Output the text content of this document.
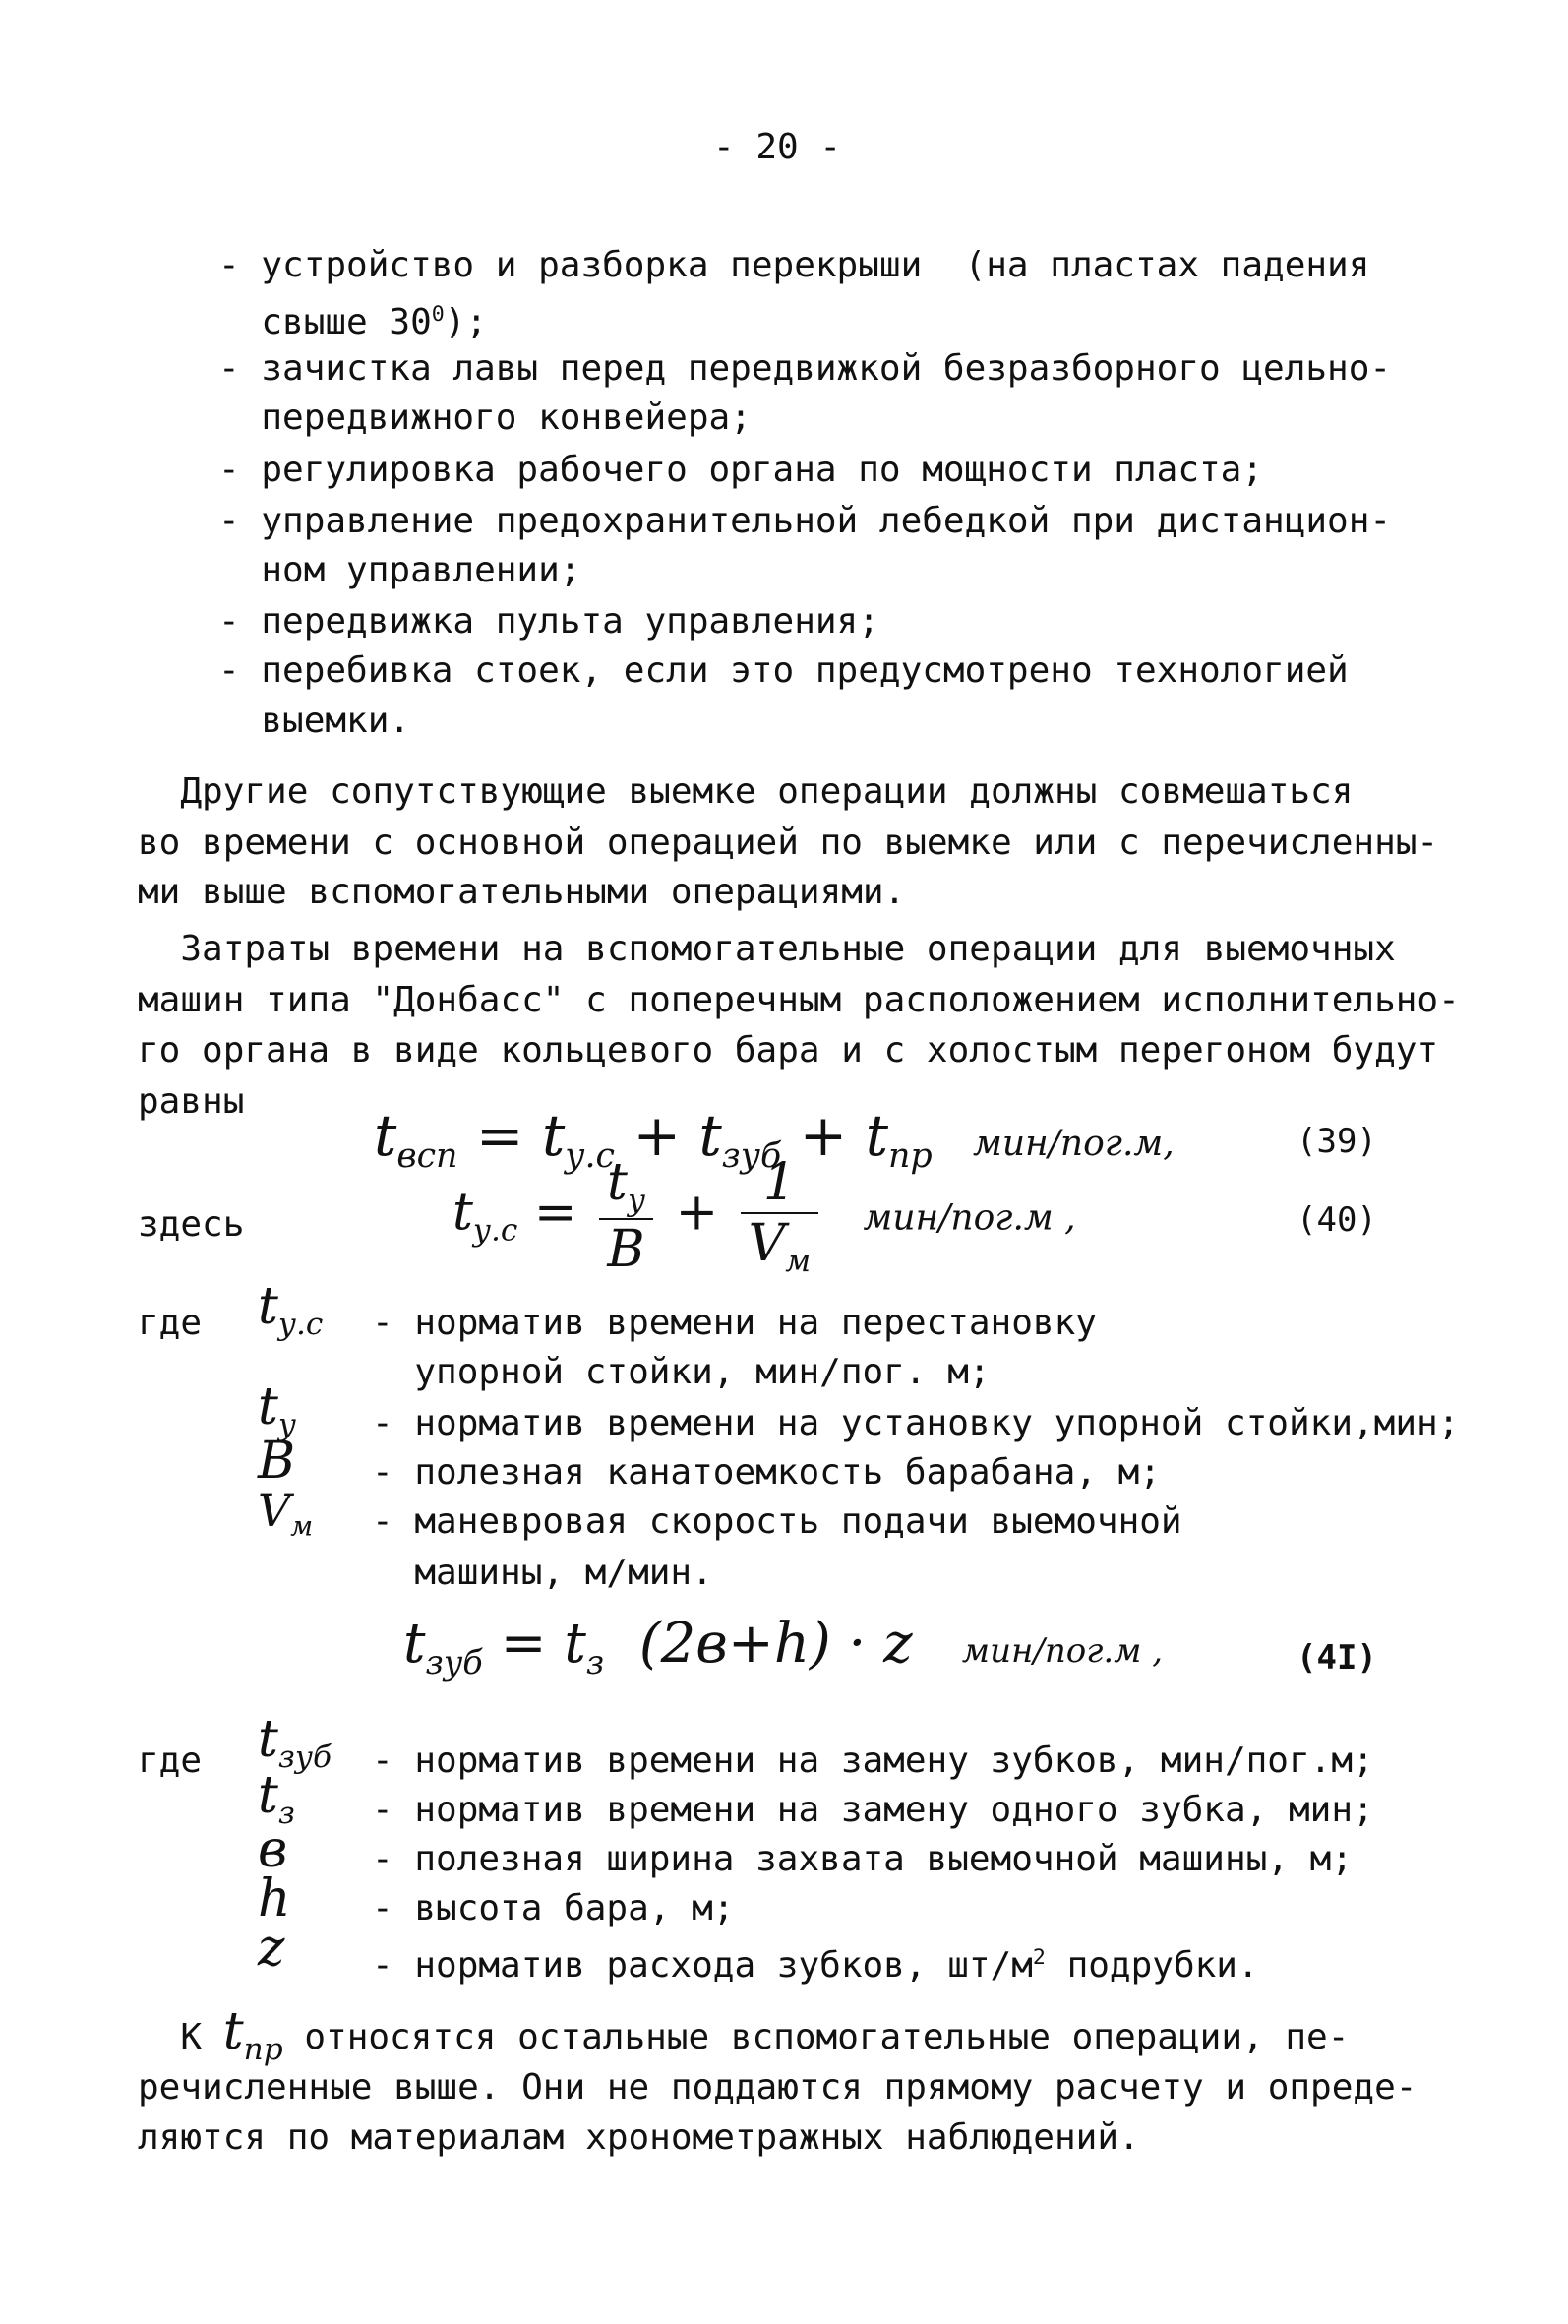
- 20 -
- устройство и разборка перекрыши  (на пластах падения
свыше $30^0$);
- зачистка лавы перед передвижкой безразборного цельно-
передвижного конвейера;
- регулировка рабочего органа по мощности пласта;
- управление предохранительной лебедкой при дистанцион-
ном управлении;
- передвижка пульта управления;
- перебивка стоек, если это предусмотрено технологией
выемки.
Другие сопутствующие выемке операции должны совмешаться
во времени с основной операцией по выемке или с перечисленны-
ми выше вспомогательными операциями.
Затраты времени на вспомогательные операции для выемочных
машин типа "Донбасс" с поперечным расположением исполнительно-
го органа в виде кольцевого бара и с холостым перегоном будут
равны
$t_{всп} = t_{у.с} + t_{зуб} + t_{пр}$ мин/пог.м,	(39)
здесь	$t_{у.с} = \frac{t_у}{В} + \frac{1}{V_м} мин/пог.м$ ,	(40)
где $t_{у.с}$ - норматив времени на перестановку
упорной стойки, мин/пог. м;
$t_у$ - норматив времени на установку упорной стойки,мин;
В - полезная канатоемкость барабана, м;
$V_м$ - маневровая скорость подачи выемочной
машины, м/мин.
$t_{зуб} = t_з$ (2в+h) · z мин/пог.м ,	(4I)
где $t_{зуб}$ - норматив времени на замену зубков, мин/пог.м;
$t_з$ - норматив времени на замену одного зубка, мин;
в - полезная ширина захвата выемочной машины, м;
h - высота бара, м;
z - норматив расхода зубков, $шт/м^2$ подрубки.
К $t_{пр}$ относятся остальные вспомогательные операции, пе-
речисленные выше. Они не поддаются прямому расчету и опреде-
ляются по материалам хронометражных наблюдений.
